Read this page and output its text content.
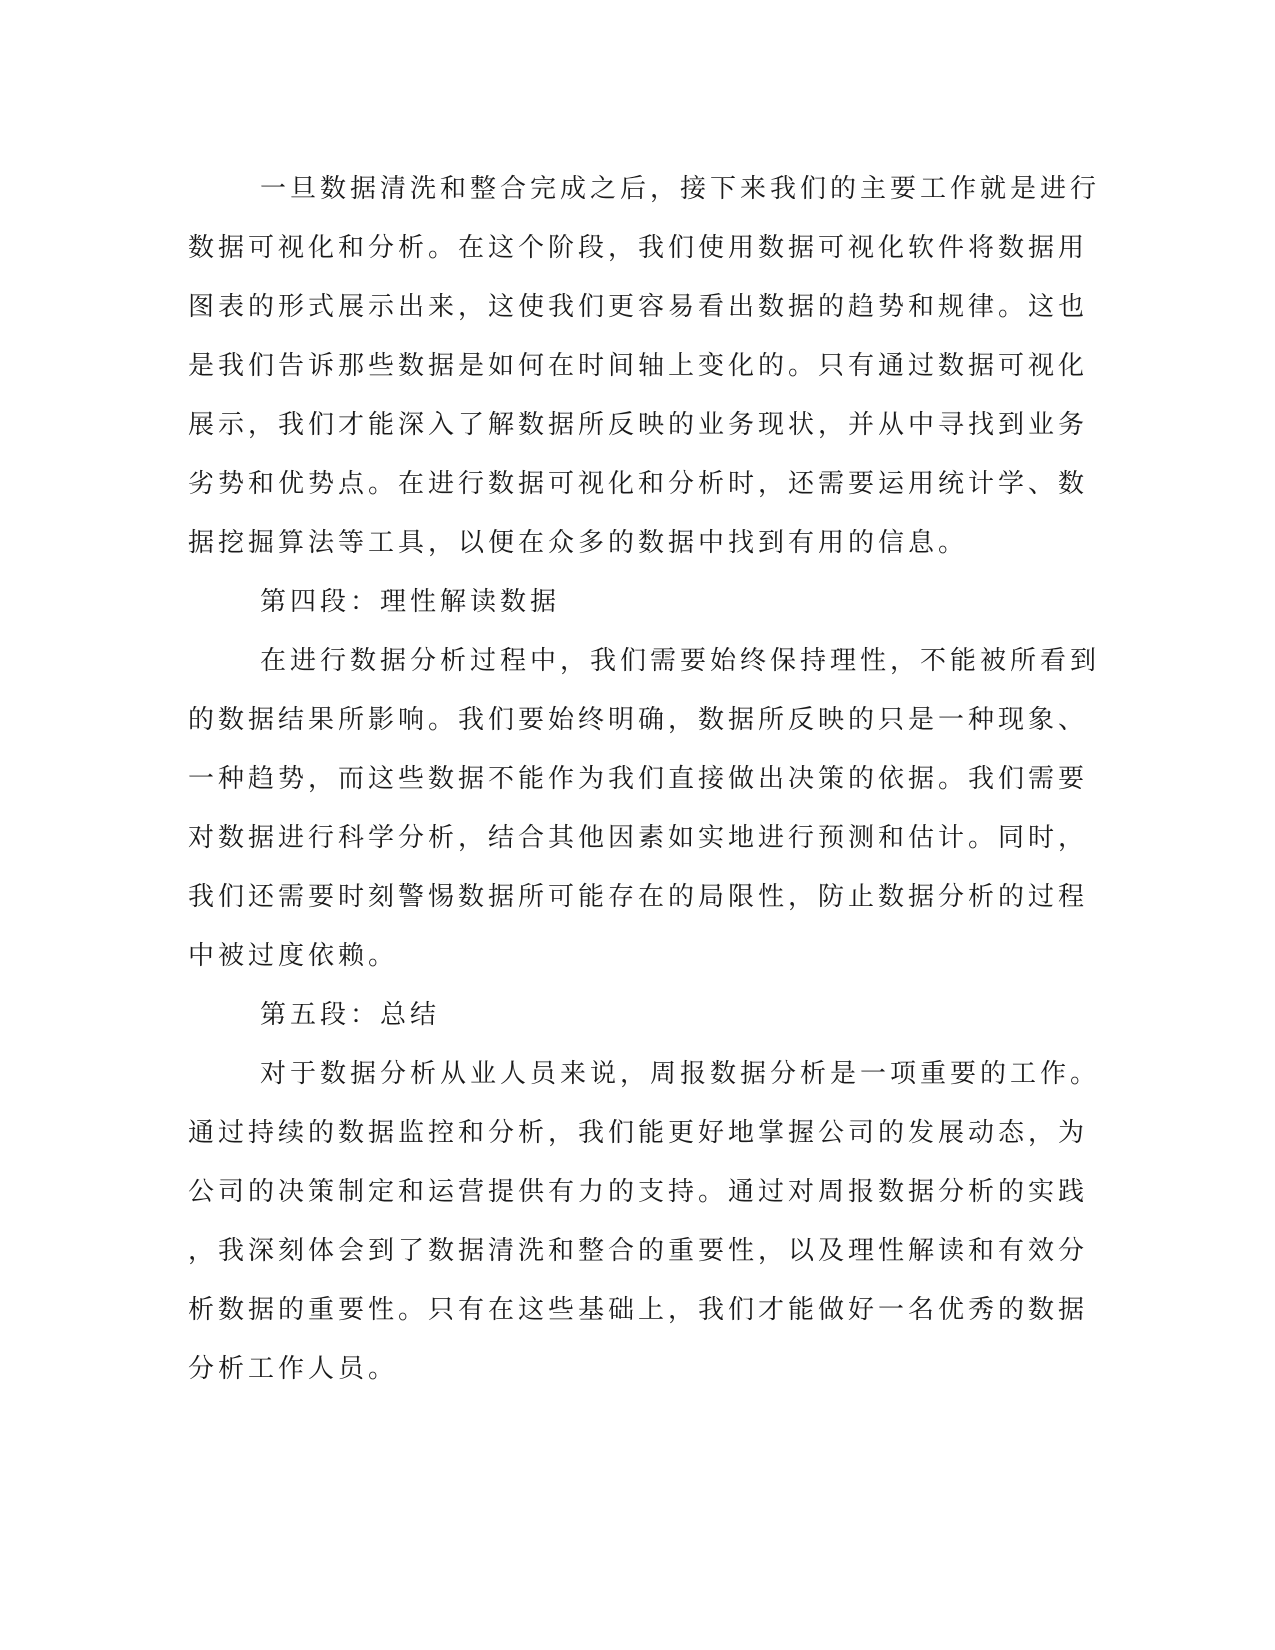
一旦数据清洗和整合完成之后，接下来我们的主要工作就是进行
数据可视化和分析。在这个阶段，我们使用数据可视化软件将数据用
图表的形式展示出来，这使我们更容易看出数据的趋势和规律。这也
是我们告诉那些数据是如何在时间轴上变化的。只有通过数据可视化
展示，我们才能深入了解数据所反映的业务现状，并从中寻找到业务
劣势和优势点。在进行数据可视化和分析时，还需要运用统计学、数
据挖掘算法等工具，以便在众多的数据中找到有用的信息。
第四段：理性解读数据
在进行数据分析过程中，我们需要始终保持理性，不能被所看到
的数据结果所影响。我们要始终明确，数据所反映的只是一种现象、
一种趋势，而这些数据不能作为我们直接做出决策的依据。我们需要
对数据进行科学分析，结合其他因素如实地进行预测和估计。同时，
我们还需要时刻警惕数据所可能存在的局限性，防止数据分析的过程
中被过度依赖。
第五段：总结
对于数据分析从业人员来说，周报数据分析是一项重要的工作。
通过持续的数据监控和分析，我们能更好地掌握公司的发展动态，为
公司的决策制定和运营提供有力的支持。通过对周报数据分析的实践
，我深刻体会到了数据清洗和整合的重要性，以及理性解读和有效分
析数据的重要性。只有在这些基础上，我们才能做好一名优秀的数据
分析工作人员。
